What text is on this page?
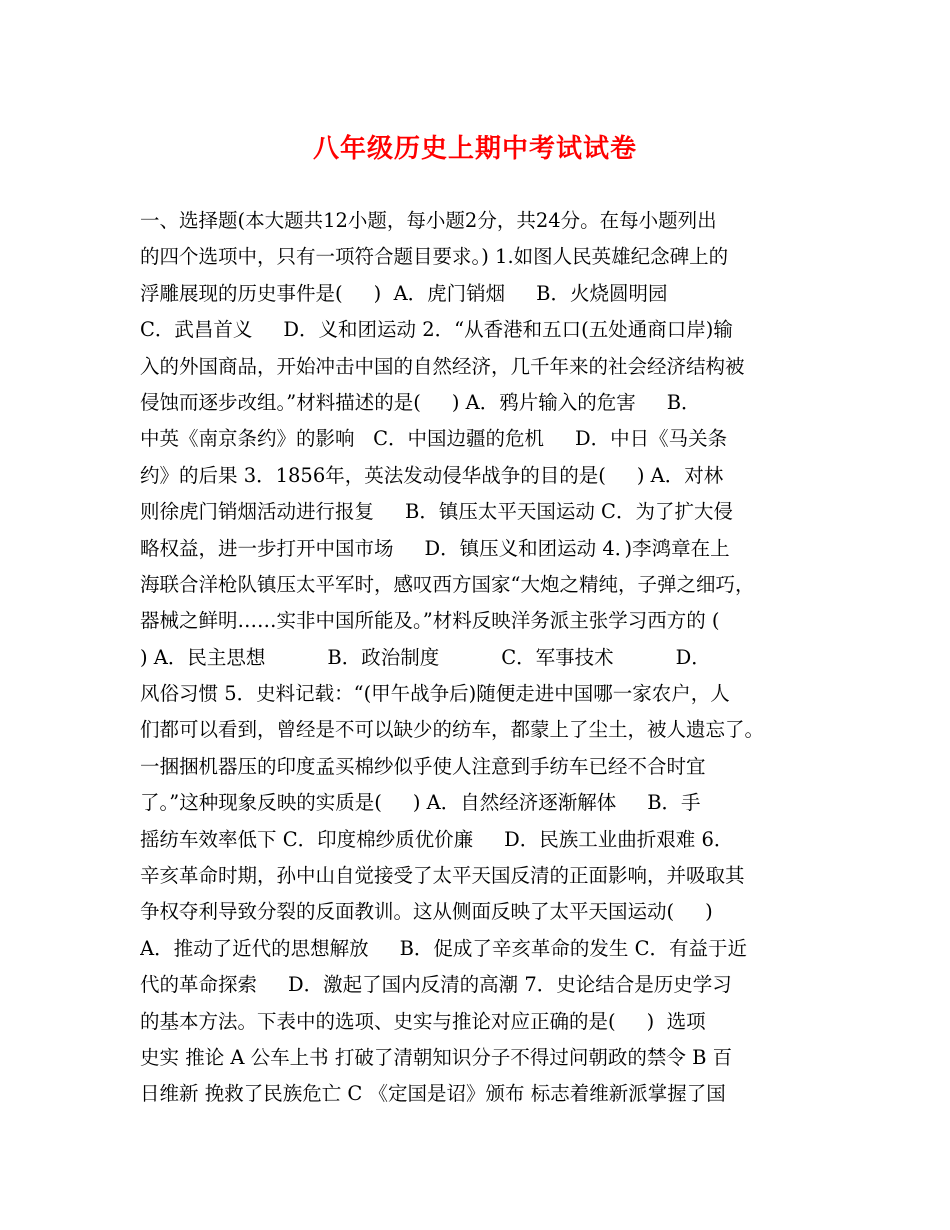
八年级历史上期中考试试卷
一、选择题(本大题共12小题，每小题2分，共24分。在每小题列出
的四个选项中，只有一项符合题目要求。) 1.如图人民英雄纪念碑上的
浮雕展现的历史事件是(     )  A．虎门销烟     B．火烧圆明园
C．武昌首义     D．义和团运动 2．“从香港和五口(五处通商口岸)输
入的外国商品，开始冲击中国的自然经济，几千年来的社会经济结构被
侵蚀而逐步改组。”材料描述的是(     ) A．鸦片输入的危害     B．
中英《南京条约》的影响   C．中国边疆的危机     D．中日《马关条
约》的后果 3．1856年，英法发动侵华战争的目的是(     ) A．对林
则徐虎门销烟活动进行报复     B．镇压太平天国运动 C．为了扩大侵
略权益，进一步打开中国市场     D．镇压义和团运动 4．)李鸿章在上
海联合洋枪队镇压太平军时，感叹西方国家“大炮之精纯，子弹之细巧，
器械之鲜明……实非中国所能及。”材料反映洋务派主张学习西方的 (
) A．民主思想          B．政治制度          C．军事技术          D．
风俗习惯 5．史料记载：“(甲午战争后)随便走进中国哪一家农户，人
们都可以看到，曾经是不可以缺少的纺车，都蒙上了尘土，被人遗忘了。
一捆捆机器压的印度孟买棉纱似乎使人注意到手纺车已经不合时宜
了。”这种现象反映的实质是(     ) A．自然经济逐渐解体     B．手
摇纺车效率低下 C．印度棉纱质优价廉     D．民族工业曲折艰难 6．
辛亥革命时期，孙中山自觉接受了太平天国反清的正面影响，并吸取其
争权夺利导致分裂的反面教训。这从侧面反映了太平天国运动(     )
A．推动了近代的思想解放     B．促成了辛亥革命的发生 C．有益于近
代的革命探索     D．激起了国内反清的高潮 7．史论结合是历史学习
的基本方法。下表中的选项、史实与推论对应正确的是(     )  选项
史实 推论 A 公车上书 打破了清朝知识分子不得过问朝政的禁令 B 百
日维新 挽救了民族危亡 C 《定国是诏》颁布 标志着维新派掌握了国
